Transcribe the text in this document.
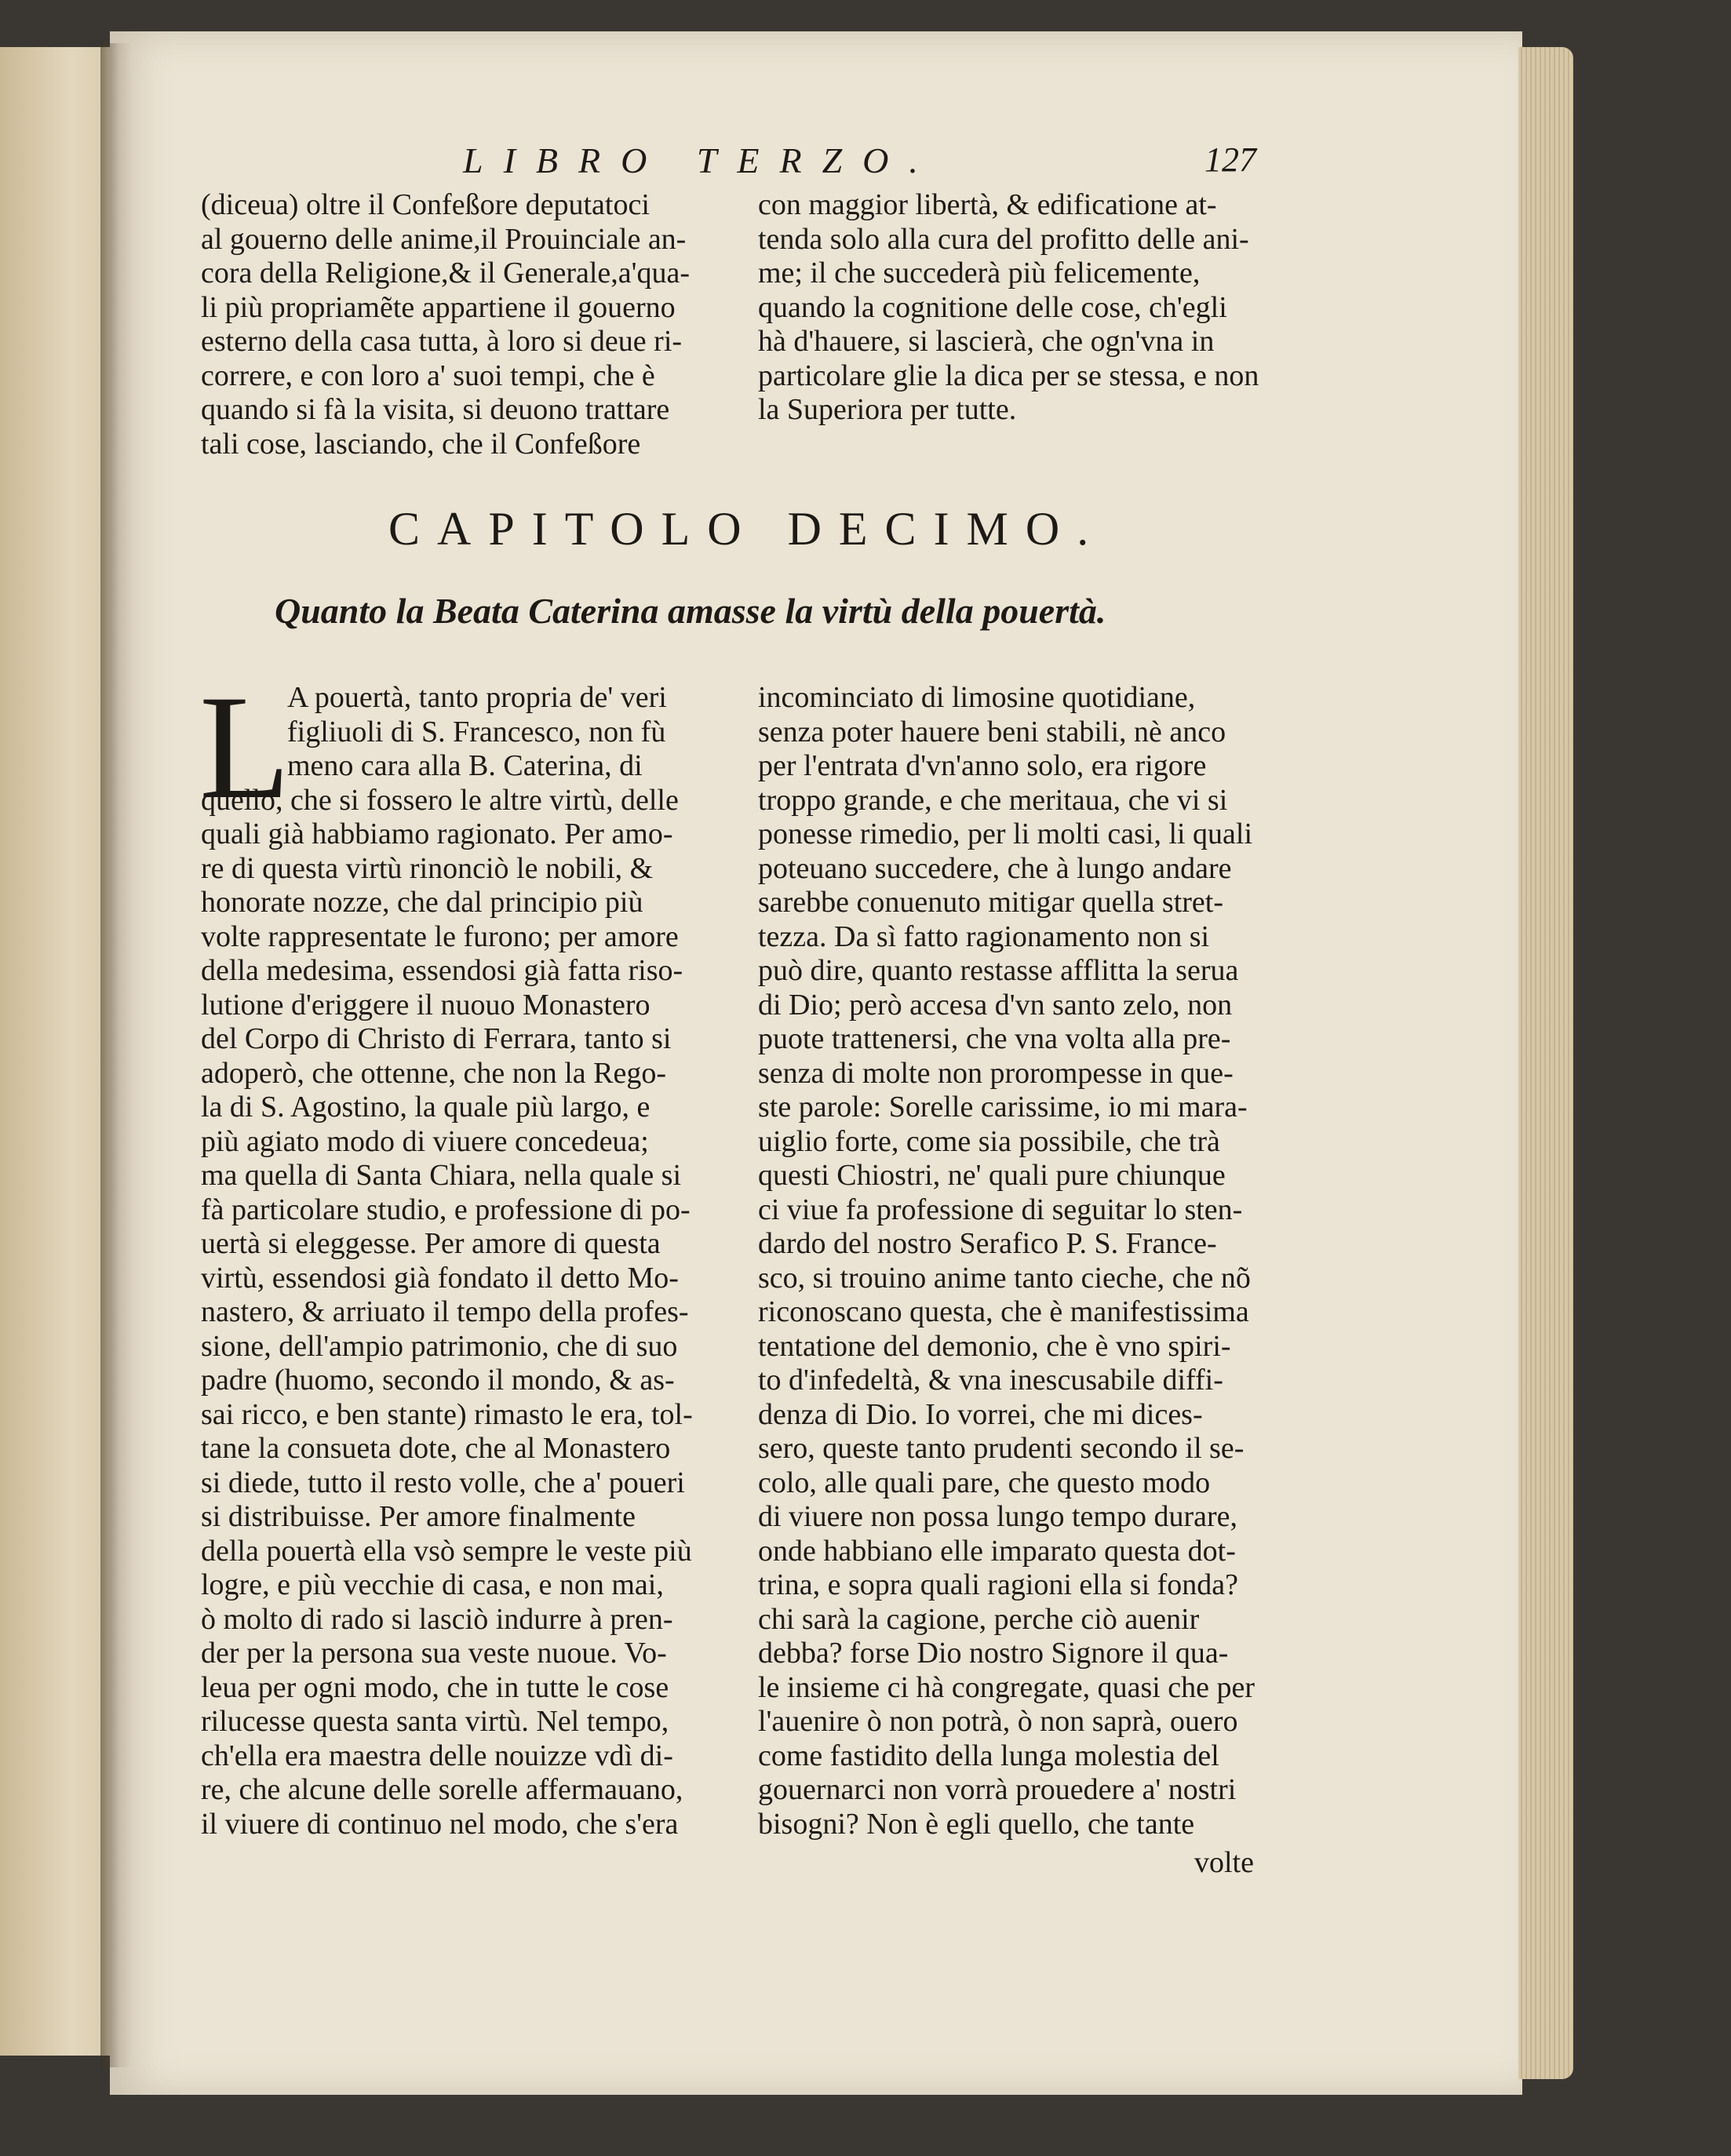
LIBRO TERZO.	127
(diceua) oltre il Confeßore deputatoci
al gouerno delle anime,il Prouinciale an-
cora della Religione,& il Generale,a'qua-
li più propriamẽte appartiene il gouerno
esterno della casa tutta, à loro si deue ri-
correre, e con loro a' suoi tempi, che è
quando si fà la visita, si deuono trattare
tali cose, lasciando, che il Confeßore
con maggior libertà, & edificatione at-
tenda solo alla cura del profitto delle ani-
me; il che succederà più felicemente,
quando la cognitione delle cose, ch'egli
hà d'hauere, si lascierà, che ogn'vna in
particolare glie la dica per se stessa, e non
la Superiora per tutte.
CAPITOLO DECIMO.
Quanto la Beata Caterina amasse la virtù della pouertà.
L
A pouertà, tanto propria de' veri
figliuoli di S. Francesco, non fù
meno cara alla B. Caterina, di
quello, che si fossero le altre virtù, delle
quali già habbiamo ragionato. Per amo-
re di questa virtù rinonciò le nobili, &
honorate nozze, che dal principio più
volte rappresentate le furono; per amore
della medesima, essendosi già fatta riso-
lutione d'eriggere il nuouo Monastero
del Corpo di Christo di Ferrara, tanto si
adoperò, che ottenne, che non la Rego-
la di S. Agostino, la quale più largo, e
più agiato modo di viuere concedeua;
ma quella di Santa Chiara, nella quale si
fà particolare studio, e professione di po-
uertà si eleggesse. Per amore di questa
virtù, essendosi già fondato il detto Mo-
nastero, & arriuato il tempo della profes-
sione, dell'ampio patrimonio, che di suo
padre (huomo, secondo il mondo, & as-
sai ricco, e ben stante) rimasto le era, tol-
tane la consueta dote, che al Monastero
si diede, tutto il resto volle, che a' poueri
si distribuisse. Per amore finalmente
della pouertà ella vsò sempre le veste più
logre, e più vecchie di casa, e non mai,
ò molto di rado si lasciò indurre à pren-
der per la persona sua veste nuoue. Vo-
leua per ogni modo, che in tutte le cose
rilucesse questa santa virtù. Nel tempo,
ch'ella era maestra delle nouizze vdì di-
re, che alcune delle sorelle affermauano,
il viuere di continuo nel modo, che s'era
incominciato di limosine quotidiane,
senza poter hauere beni stabili, nè anco
per l'entrata d'vn'anno solo, era rigore
troppo grande, e che meritaua, che vi si
ponesse rimedio, per li molti casi, li quali
poteuano succedere, che à lungo andare
sarebbe conuenuto mitigar quella stret-
tezza. Da sì fatto ragionamento non si
può dire, quanto restasse afflitta la serua
di Dio; però accesa d'vn santo zelo, non
puote trattenersi, che vna volta alla pre-
senza di molte non prorompesse in que-
ste parole: Sorelle carissime, io mi mara-
uiglio forte, come sia possibile, che trà
questi Chiostri, ne' quali pure chiunque
ci viue fa professione di seguitar lo sten-
dardo del nostro Serafico P. S. France-
sco, si trouino anime tanto cieche, che nõ
riconoscano questa, che è manifestissima
tentatione del demonio, che è vno spiri-
to d'infedeltà, & vna inescusabile diffi-
denza di Dio. Io vorrei, che mi dices-
sero, queste tanto prudenti secondo il se-
colo, alle quali pare, che questo modo
di viuere non possa lungo tempo durare,
onde habbiano elle imparato questa dot-
trina, e sopra quali ragioni ella si fonda?
chi sarà la cagione, perche ciò auenir
debba? forse Dio nostro Signore il qua-
le insieme ci hà congregate, quasi che per
l'auenire ò non potrà, ò non saprà, ouero
come fastidito della lunga molestia del
gouernarci non vorrà prouedere a' nostri
bisogni? Non è egli quello, che tante
volte
